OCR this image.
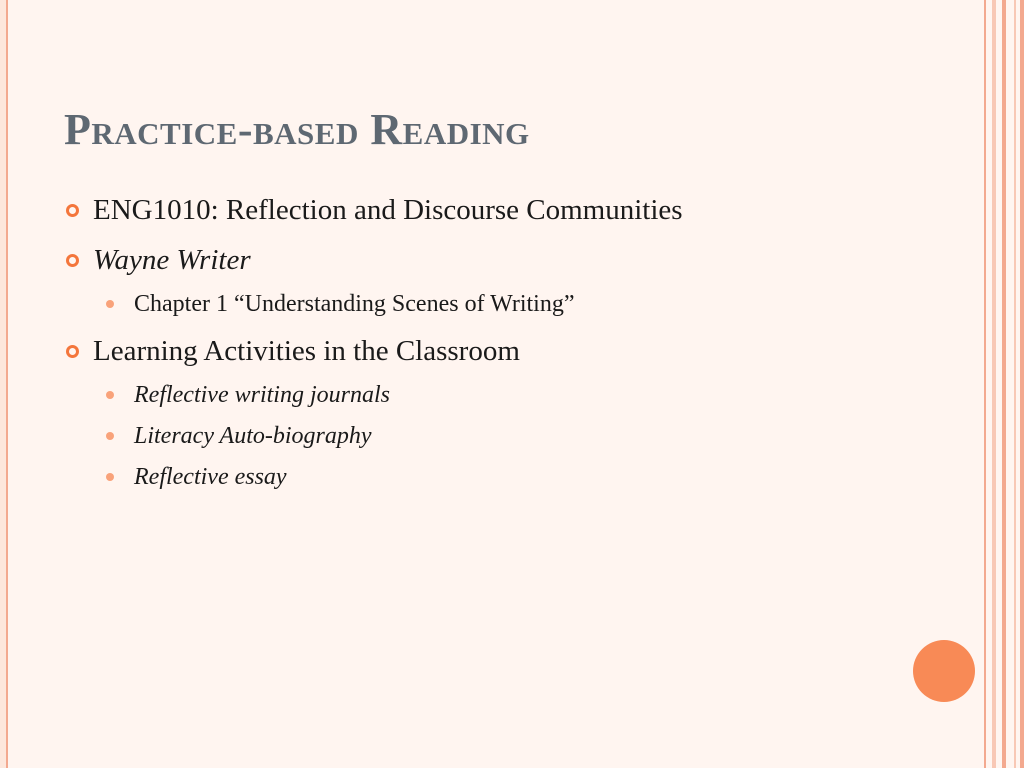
Practice-based Reading
ENG1010: Reflection and Discourse Communities
Wayne Writer
Chapter 1 “Understanding Scenes of Writing”
Learning Activities in the Classroom
Reflective writing journals
Literacy Auto-biography
Reflective essay
